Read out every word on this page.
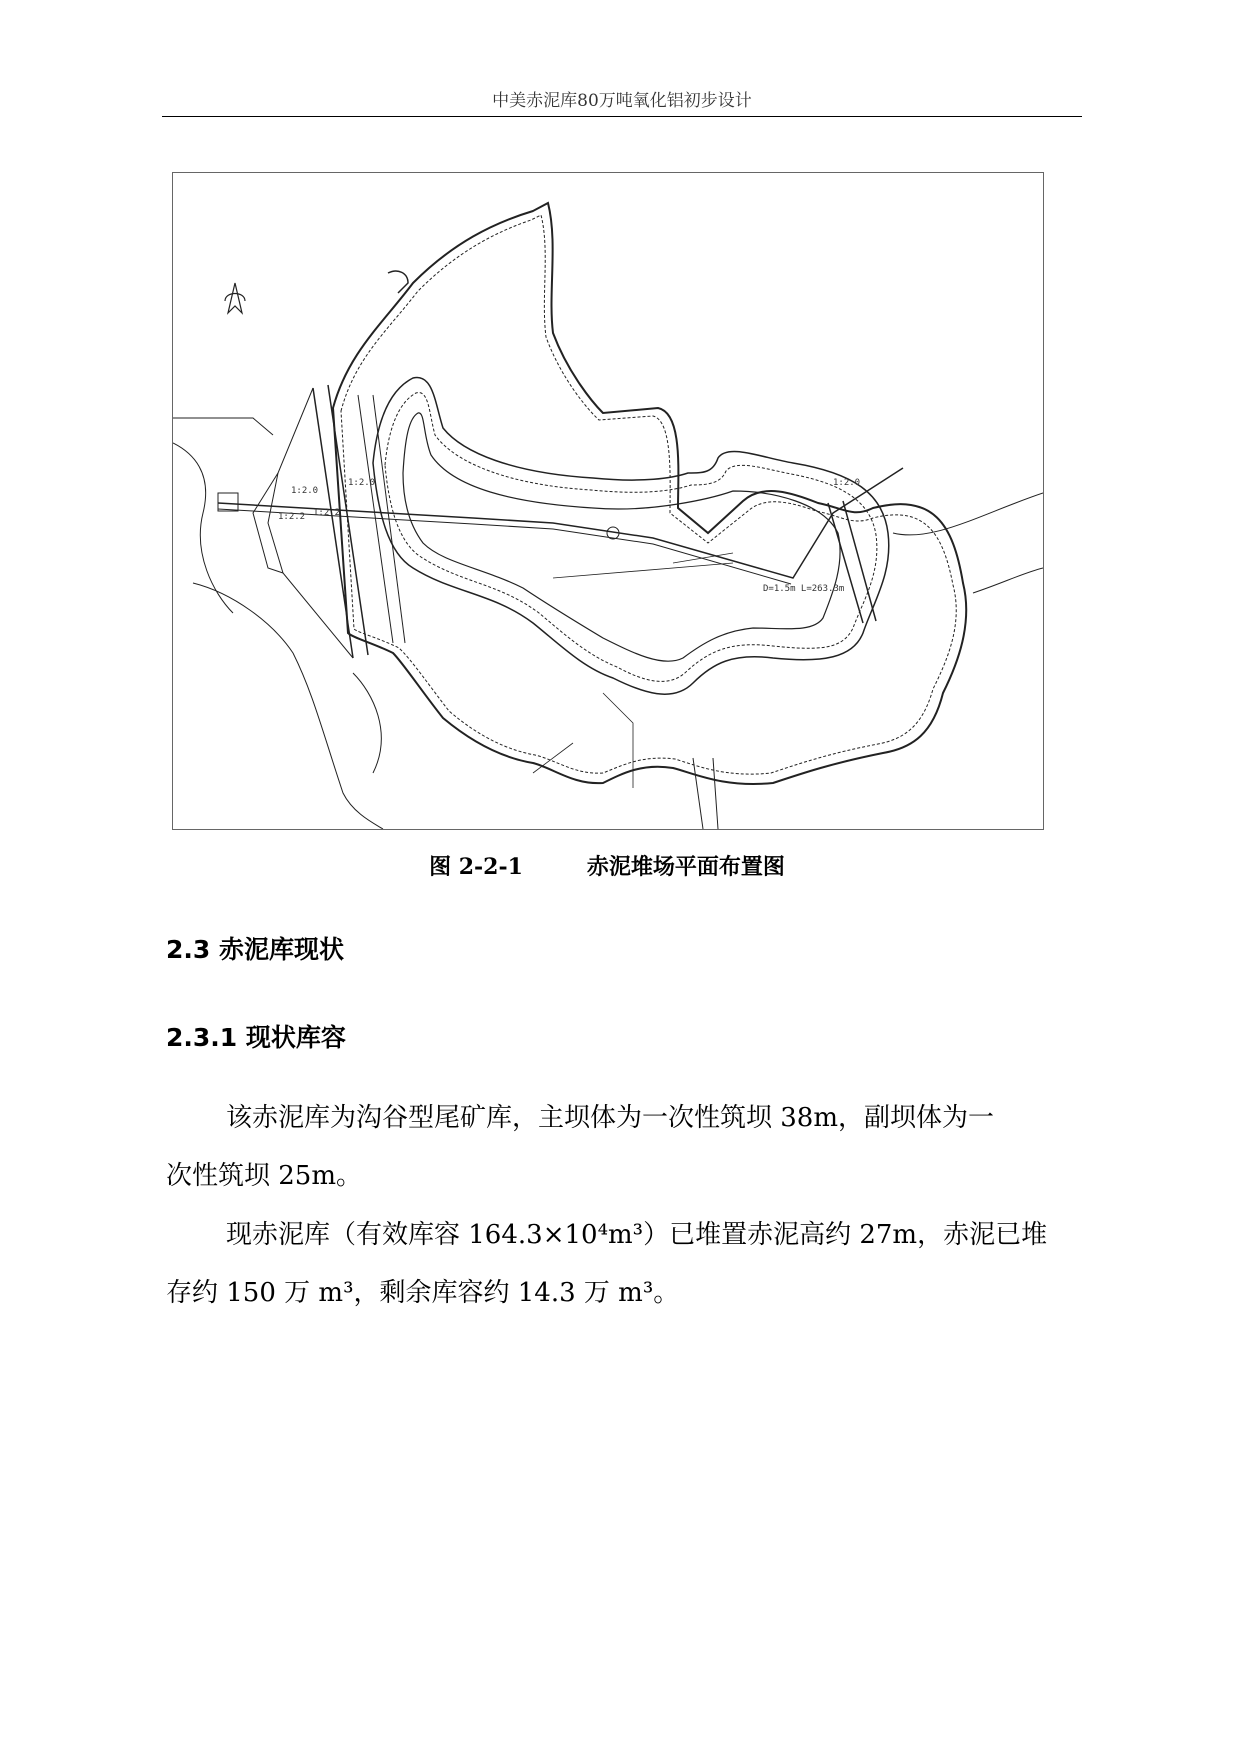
中美赤泥库80万吨氧化铝初步设计
1:2.0
1:2.2
1:2.0
1:2.2
1:2.0
D=1.5m L=263.3m
图 2-2-1	赤泥堆场平面布置图
2.3 赤泥库现状
2.3.1 现状库容
该赤泥库为沟谷型尾矿库，主坝体为一次性筑坝 38m，副坝体为一
次性筑坝 25m。
现赤泥库（有效库容 164.3×10⁴m³）已堆置赤泥高约 27m，赤泥已堆
存约 150 万 m³，剩余库容约 14.3 万 m³。
